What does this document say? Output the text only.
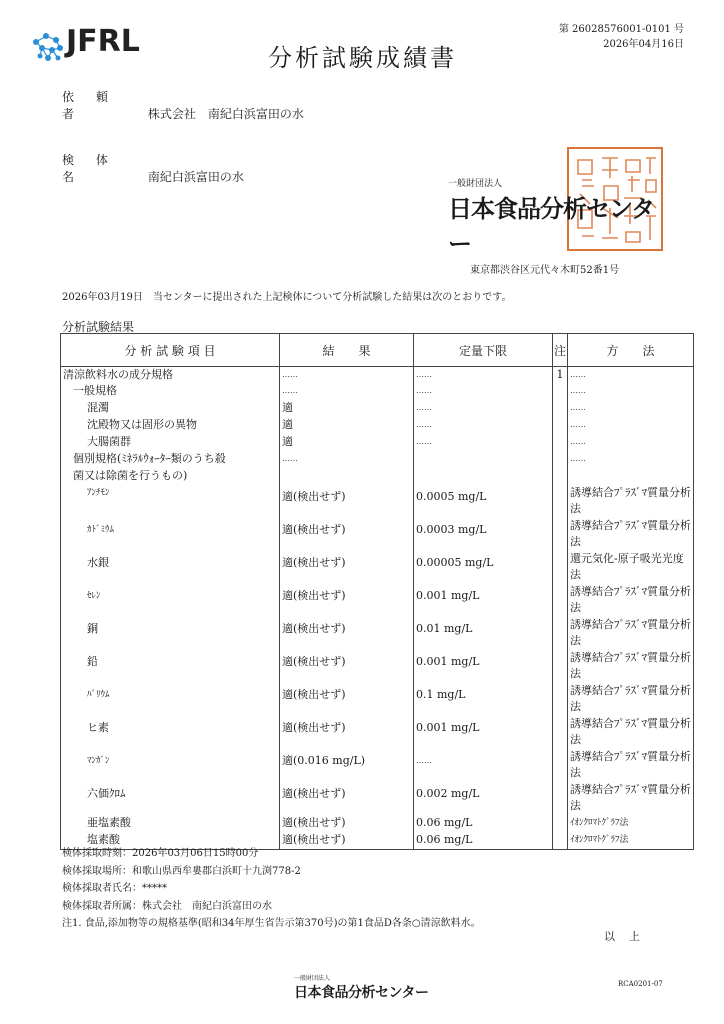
JFRL	分析試験成績書
第 26028576001-0101 号
2026年04月16日
依 頼 者	株式会社　南紀白浜富田の水
検 体 名	南紀白浜富田の水	一般財団法人
日本食品分析センター
東京都渋谷区元代々木町52番1号
2026年03月19日　当センターに提出された上記検体について分析試験した結果は次のとおりです。
分析試験結果
分 析 試 験 項 目	結　　果	定量下限	注	方　　法
清涼飲料水の成分規格	……	……	1	……
一般規格	……	……		……
混濁	適	……		……
沈殿物又は固形の異物	適	……		……
大腸菌群	適	……		……
個別規格(ﾐﾈﾗﾙｳｫｰﾀｰ類のうち殺	……			……
菌又は除菌を行うもの)				
ｱﾝﾁﾓﾝ	適(検出せず)	0.0005 mg/L		誘導結合ﾌﾟﾗｽﾞﾏ質量分析法
ｶﾄﾞﾐｳﾑ	適(検出せず)	0.0003 mg/L		誘導結合ﾌﾟﾗｽﾞﾏ質量分析法
水銀	適(検出せず)	0.00005 mg/L		還元気化-原子吸光光度法
ｾﾚﾝ	適(検出せず)	0.001 mg/L		誘導結合ﾌﾟﾗｽﾞﾏ質量分析法
銅	適(検出せず)	0.01 mg/L		誘導結合ﾌﾟﾗｽﾞﾏ質量分析法
鉛	適(検出せず)	0.001 mg/L		誘導結合ﾌﾟﾗｽﾞﾏ質量分析法
ﾊﾞﾘｳﾑ	適(検出せず)	0.1 mg/L		誘導結合ﾌﾟﾗｽﾞﾏ質量分析法
ヒ素	適(検出せず)	0.001 mg/L		誘導結合ﾌﾟﾗｽﾞﾏ質量分析法
ﾏﾝｶﾞﾝ	適(0.016 mg/L)	……		誘導結合ﾌﾟﾗｽﾞﾏ質量分析法
六価ｸﾛﾑ	適(検出せず)	0.002 mg/L		誘導結合ﾌﾟﾗｽﾞﾏ質量分析法
亜塩素酸	適(検出せず)	0.06 mg/L		ｲｵﾝｸﾛﾏﾄｸﾞﾗﾌ法
塩素酸	適(検出せず)	0.06 mg/L		ｲｵﾝｸﾛﾏﾄｸﾞﾗﾌ法
検体採取時刻：2026年03月06日15時00分
検体採取場所：和歌山県西牟婁郡白浜町十九渕778-2
検体採取者氏名：*****
検体採取者所属：株式会社　南紀白浜富田の水
注1. 食品,添加物等の規格基準(昭和34年厚生省告示第370号)の第1食品D各条○清涼飲料水。
以上
一般財団法人
日本食品分析センター
RCA0201-07
